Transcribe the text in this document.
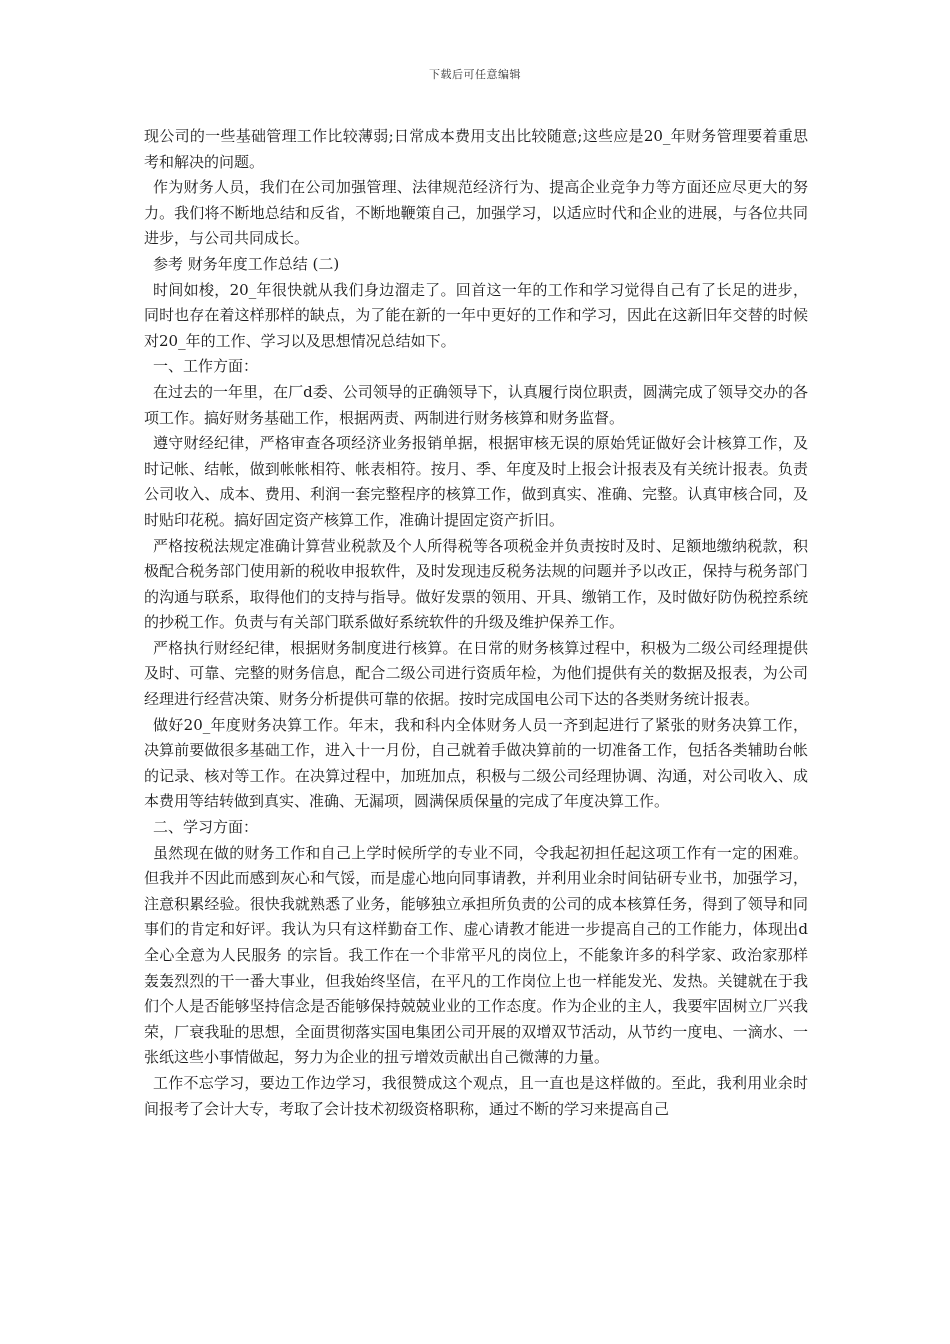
下载后可任意编辑

现公司的一些基础管理工作比较薄弱;日常成本费用支出比较随意;这些应是20_年财务管理要着重思考和解决的问题。

作为财务人员，我们在公司加强管理、法律规范经济行为、提高企业竞争力等方面还应尽更大的努力。我们将不断地总结和反省，不断地鞭策自己，加强学习，以适应时代和企业的进展，与各位共同进步，与公司共同成长。

参考 财务年度工作总结 (二)

时间如梭，20_年很快就从我们身边溜走了。回首这一年的工作和学习觉得自己有了长足的进步，同时也存在着这样那样的缺点，为了能在新的一年中更好的工作和学习，因此在这新旧年交替的时候对20_年的工作、学习以及思想情况总结如下。

一、工作方面：

在过去的一年里，在厂d委、公司领导的正确领导下，认真履行岗位职责，圆满完成了领导交办的各项工作。搞好财务基础工作，根据两责、两制进行财务核算和财务监督。

遵守财经纪律，严格审查各项经济业务报销单据，根据审核无误的原始凭证做好会计核算工作，及时记帐、结帐，做到帐帐相符、帐表相符。按月、季、年度及时上报会计报表及有关统计报表。负责公司收入、成本、费用、利润一套完整程序的核算工作，做到真实、准确、完整。认真审核合同，及时贴印花税。搞好固定资产核算工作，准确计提固定资产折旧。

严格按税法规定准确计算营业税款及个人所得税等各项税金并负责按时及时、足额地缴纳税款，积极配合税务部门使用新的税收申报软件，及时发现违反税务法规的问题并予以改正，保持与税务部门的沟通与联系，取得他们的支持与指导。做好发票的领用、开具、缴销工作，及时做好防伪税控系统的抄税工作。负责与有关部门联系做好系统软件的升级及维护保养工作。

严格执行财经纪律，根据财务制度进行核算。在日常的财务核算过程中，积极为二级公司经理提供及时、可靠、完整的财务信息，配合二级公司进行资质年检，为他们提供有关的数据及报表，为公司经理进行经营决策、财务分析提供可靠的依据。按时完成国电公司下达的各类财务统计报表。

做好20_年度财务决算工作。年末，我和科内全体财务人员一齐到起进行了紧张的财务决算工作，决算前要做很多基础工作，进入十一月份，自己就着手做决算前的一切准备工作，包括各类辅助台帐的记录、核对等工作。在决算过程中，加班加点，积极与二级公司经理协调、沟通，对公司收入、成本费用等结转做到真实、准确、无漏项，圆满保质保量的完成了年度决算工作。

二、学习方面：

虽然现在做的财务工作和自己上学时候所学的专业不同，令我起初担任起这项工作有一定的困难。但我并不因此而感到灰心和气馁，而是虚心地向同事请教，并利用业余时间钻研专业书，加强学习，注意积累经验。很快我就熟悉了业务，能够独立承担所负责的公司的成本核算任务，得到了领导和同事们的肯定和好评。我认为只有这样勤奋工作、虚心请教才能进一步提高自己的工作能力，体现出d全心全意为人民服务 的宗旨。我工作在一个非常平凡的岗位上，不能象许多的科学家、政治家那样轰轰烈烈的干一番大事业，但我始终坚信，在平凡的工作岗位上也一样能发光、发热。关键就在于我们个人是否能够坚持信念是否能够保持兢兢业业的工作态度。作为企业的主人，我要牢固树立厂兴我荣，厂衰我耻的思想，全面贯彻落实国电集团公司开展的双增双节活动，从节约一度电、一滴水、一张纸这些小事情做起，努力为企业的扭亏增效贡献出自己微薄的力量。

工作不忘学习，要边工作边学习，我很赞成这个观点，且一直也是这样做的。至此，我利用业余时间报考了会计大专，考取了会计技术初级资格职称，通过不断的学习来提高自己
